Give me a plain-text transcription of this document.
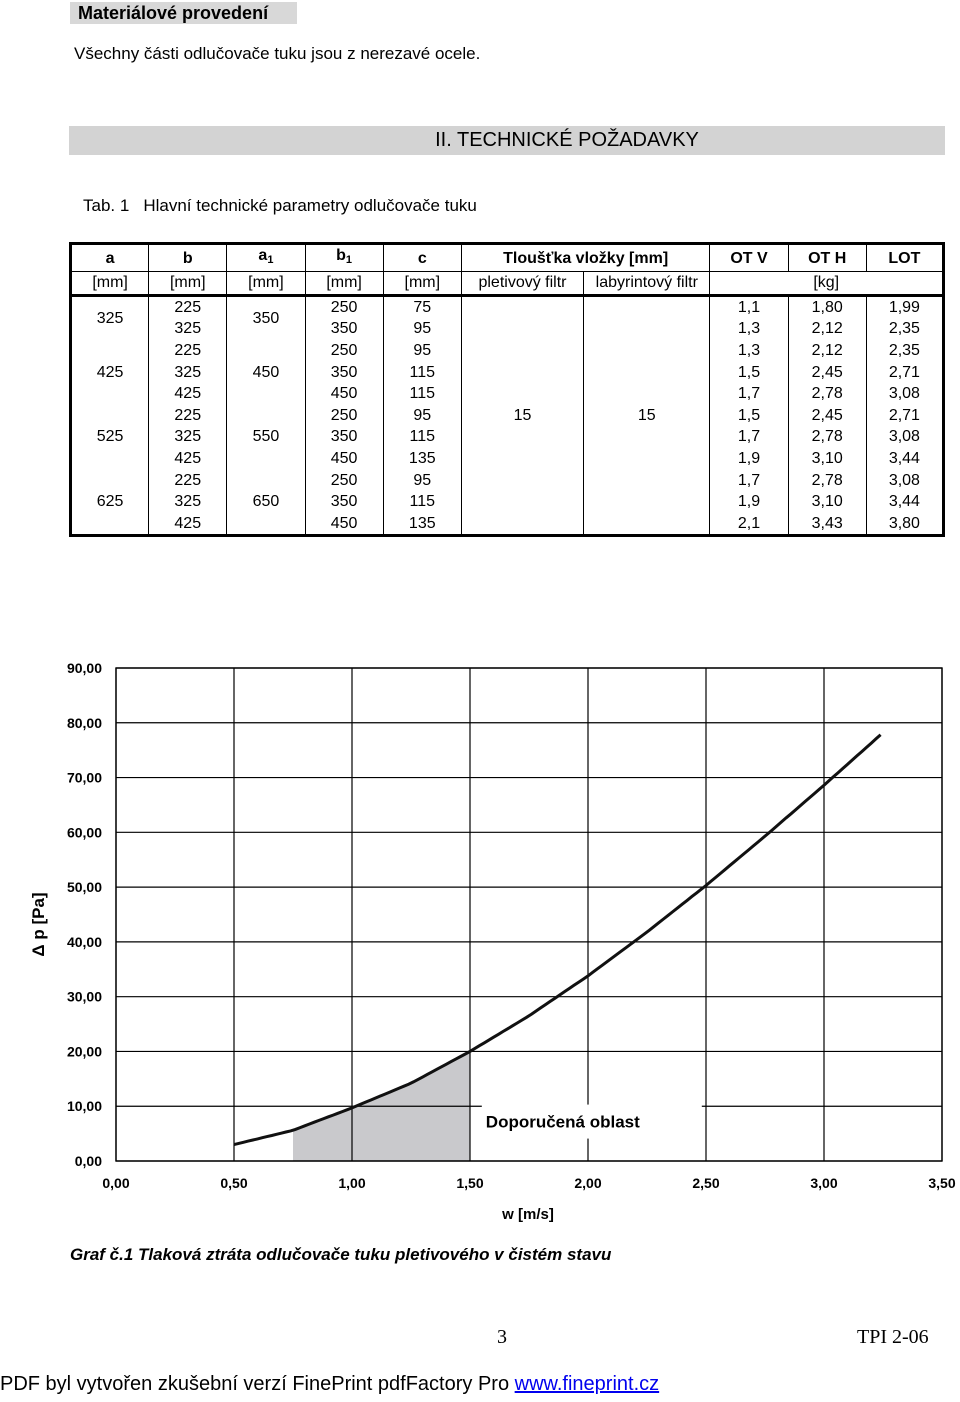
Materiálové provedení
Všechny části odlučovače tuku jsou z nerezavé ocele.
II. TECHNICKÉ POŽADAVKY
Tab. 1 Hlavní technické parametry odlučovače tuku
a	b	$a_1$	$b_1$	c	Tloušťka vložky [mm]		OT V	OT H	LOT
[mm]	[mm]	[mm]	[mm]	[mm]	pletivový filtr	labyrintový filtr	[kg]		
325	225	350	250	75	15	15	1,1	1,80	1,99
	325		350	95			1,3	2,12	2,35
425	225	450	250	95			1,3	2,12	2,35
	325		350	115			1,5	2,45	2,71
	425		450	115			1,7	2,78	3,08
525	225	550	250	95			1,5	2,45	2,71
	325		350	115			1,7	2,78	3,08
	425		450	135			1,9	3,10	3,44
625	225	650	250	95			1,7	2,78	3,08
	325		350	115			1,9	3,10	3,44
	425		450	135			2,1	3,43	3,80
0,00	0,50	1,00	1,50	2,00	2,50	3,00	3,50
0,00
10,00
20,00
30,00
40,00
50,00
60,00
70,00
80,00
90,00
Doporučená oblast
w [m/s]
Δ p [Pa]
Graf č.1 Tlaková ztráta odlučovače tuku pletivového v čistém stavu
3	TPI 2-06
PDF byl vytvořen zkušební verzí FinePrint pdfFactory Pro www.fineprint.cz
